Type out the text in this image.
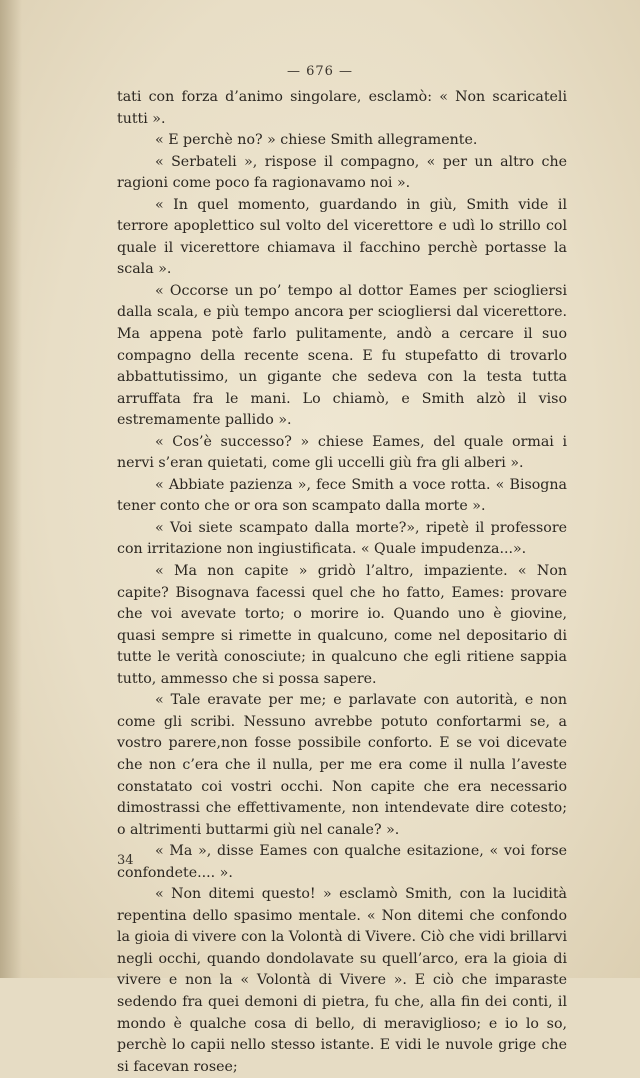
— 676 —

tati con forza d’animo singolare, esclamò: « Non scaricateli tutti ».

« E perchè no? » chiese Smith allegramente.

« Serbateli », rispose il compagno, « per un altro che ragioni come poco fa ragionavamo noi ».

« In quel momento, guardando in giù, Smith vide il terrore apoplettico sul volto del vicerettore e udì lo strillo col quale il vicerettore chiamava il facchino perchè portasse la scala ».

« Occorse un po’ tempo al dottor Eames per sciogliersi dalla scala, e più tempo ancora per sciogliersi dal vicerettore. Ma appena potè farlo pulitamente, andò a cercare il suo compagno della recente scena. E fu stupefatto di trovarlo abbattutissimo, un gigante che sedeva con la testa tutta arruffata fra le mani. Lo chiamò, e Smith alzò il viso estremamente pallido ».

« Cos’è successo? » chiese Eames, del quale ormai i nervi s’eran quietati, come gli uccelli giù fra gli alberi ».

« Abbiate pazienza », fece Smith a voce rotta. « Bisogna tener conto che or ora son scampato dalla morte ».

« Voi siete scampato dalla morte?», ripetè il professore con irritazione non ingiustificata. « Quale impudenza...».

« Ma non capite » gridò l’altro, impaziente. « Non capite? Bisognava facessi quel che ho fatto, Eames: provare che voi avevate torto; o morire io. Quando uno è giovine, quasi sempre si rimette in qualcuno, come nel depositario di tutte le verità conosciute; in qualcuno che egli ritiene sappia tutto, ammesso che si possa sapere.

« Tale eravate per me; e parlavate con autorità, e non come gli scribi. Nessuno avrebbe potuto confortarmi se, a vostro parere,non fosse possibile conforto. E se voi dicevate che non c’era che il nulla, per me era come il nulla l’aveste constatato coi vostri occhi. Non capite che era necessario dimostrassi che effettivamente, non intendevate dire cotesto; o altrimenti buttarmi giù nel canale? ».

« Ma », disse Eames con qualche esitazione, « voi forse confondete.... ».

« Non ditemi questo! » esclamò Smith, con la lucidità repentina dello spasimo mentale. « Non ditemi che confondo la gioia di vivere con la Volontà di Vivere. Ciò che vidi brillarvi negli occhi, quando dondolavate su quell’arco, era la gioia di vivere e non la « Volontà di Vivere ». E ciò che imparaste sedendo fra quei demoni di pietra, fu che, alla fin dei conti, il mondo è qualche cosa di bello, di meraviglioso; e io lo so, perchè lo capii nello stesso istante. E vidi le nuvole grige che si facevan rosee;

34
